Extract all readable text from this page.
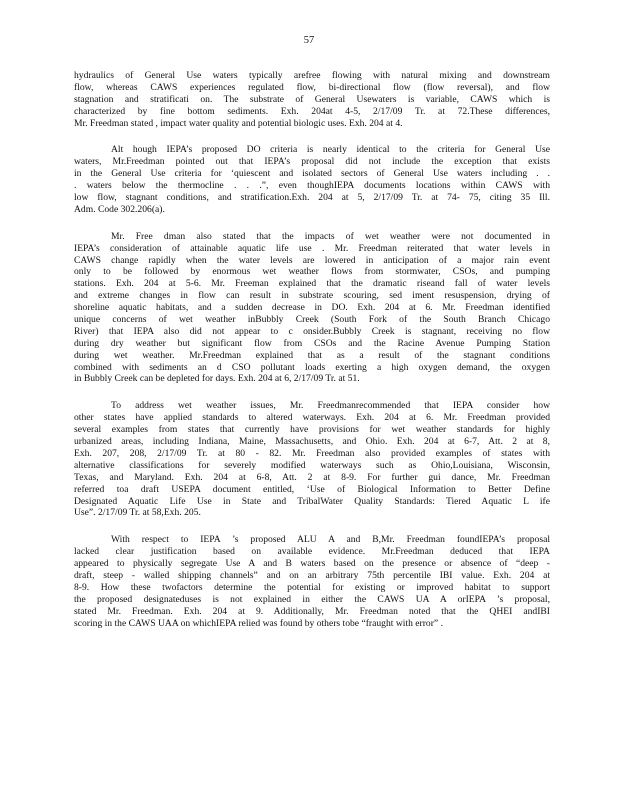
57
hydraulics of General Use waters typically arefree flowing with natural mixing and downstream
flow, whereas CAWS experiences regulated flow, bi-directional flow (flow reversal), and flow
stagnation and stratificati on. The substrate of General Usewaters is variable, CAWS which is
characterized by fine bottom sediments. Exh. 204at 4-5, 2/17/09 Tr. at 72.These differences,
Mr. Freedman stated , impact water quality and potential biologic uses. Exh. 204 at 4.
Alt hough IEPA’s proposed DO criteria is nearly identical to the criteria for General Use
waters, Mr.Freedman pointed out that IEPA’s proposal did not include the exception that exists
in the General Use criteria for ‘quiescent and isolated sectors of General Use waters including . .
. waters below the thermocline . . .”, even thoughIEPA documents locations within CAWS with
low flow, stagnant conditions, and stratification.Exh. 204 at 5, 2/17/09 Tr. at 74- 75, citing 35 Ill.
Adm. Code 302.206(a).
Mr. Free dman also stated that the impacts of wet weather were not documented in
IEPA’s consideration of attainable aquatic life use . Mr. Freedman reiterated that water levels in
CAWS change rapidly when the water levels are lowered in anticipation of a major rain event
only to be followed by enormous wet weather flows from stormwater, CSOs, and pumping
stations. Exh. 204 at 5-6. Mr. Freeman explained that the dramatic riseand fall of water levels
and extreme changes in flow can result in substrate scouring, sed iment resuspension, drying of
shoreline aquatic habitats, and a sudden decrease in DO. Exh. 204 at 6. Mr. Freedman identified
unique concerns of wet weather inBubbly Creek (South Fork of the South Branch Chicago
River) that IEPA also did not appear to c onsider.Bubbly Creek is stagnant, receiving no flow
during dry weather but significant flow from CSOs and the Racine Avenue Pumping Station
during wet weather. Mr.Freedman explained that as a result of the stagnant conditions
combined with sediments an d CSO pollutant loads exerting a high oxygen demand, the oxygen
in Bubbly Creek can be depleted for days. Exh. 204 at 6, 2/17/09 Tr. at 51.
To address wet weather issues, Mr. Freedmanrecommended that IEPA consider how
other states have applied standards to altered waterways. Exh. 204 at 6. Mr. Freedman provided
several examples from states that currently have provisions for wet weather standards for highly
urbanized areas, including Indiana, Maine, Massachusetts, and Ohio. Exh. 204 at 6-7, Att. 2 at 8,
Exh. 207, 208, 2/17/09 Tr. at 80 - 82. Mr. Freedman also provided examples of states with
alternative classifications for severely modified waterways such as Ohio,Louisiana, Wisconsin,
Texas, and Maryland. Exh. 204 at 6-8, Att. 2 at 8-9. For further gui dance, Mr. Freedman
referred toa draft USEPA document entitled, ‘Use of Biological Information to Better Define
Designated Aquatic Life Use in State and TribalWater Quality Standards: Tiered Aquatic L ife
Use”. 2/17/09 Tr. at 58,Exh. 205.
With respect to IEPA ’s proposed ALU A and B,Mr. Freedman foundIEPA’s proposal
lacked clear justification based on available evidence. Mr.Freedman deduced that IEPA
appeared to physically segregate Use A and B waters based on the presence or absence of “deep -
draft, steep - walled shipping channels” and on an arbitrary 75th percentile IBI value. Exh. 204 at
8-9. How these twofactors determine the potential for existing or improved habitat to support
the proposed designateduses is not explained in either the CAWS UA A orIEPA ’s proposal,
stated Mr. Freedman. Exh. 204 at 9. Additionally, Mr. Freedman noted that the QHEI andIBI
scoring in the CAWS UAA on whichIEPA relied was found by others tobe “fraught with error” .
